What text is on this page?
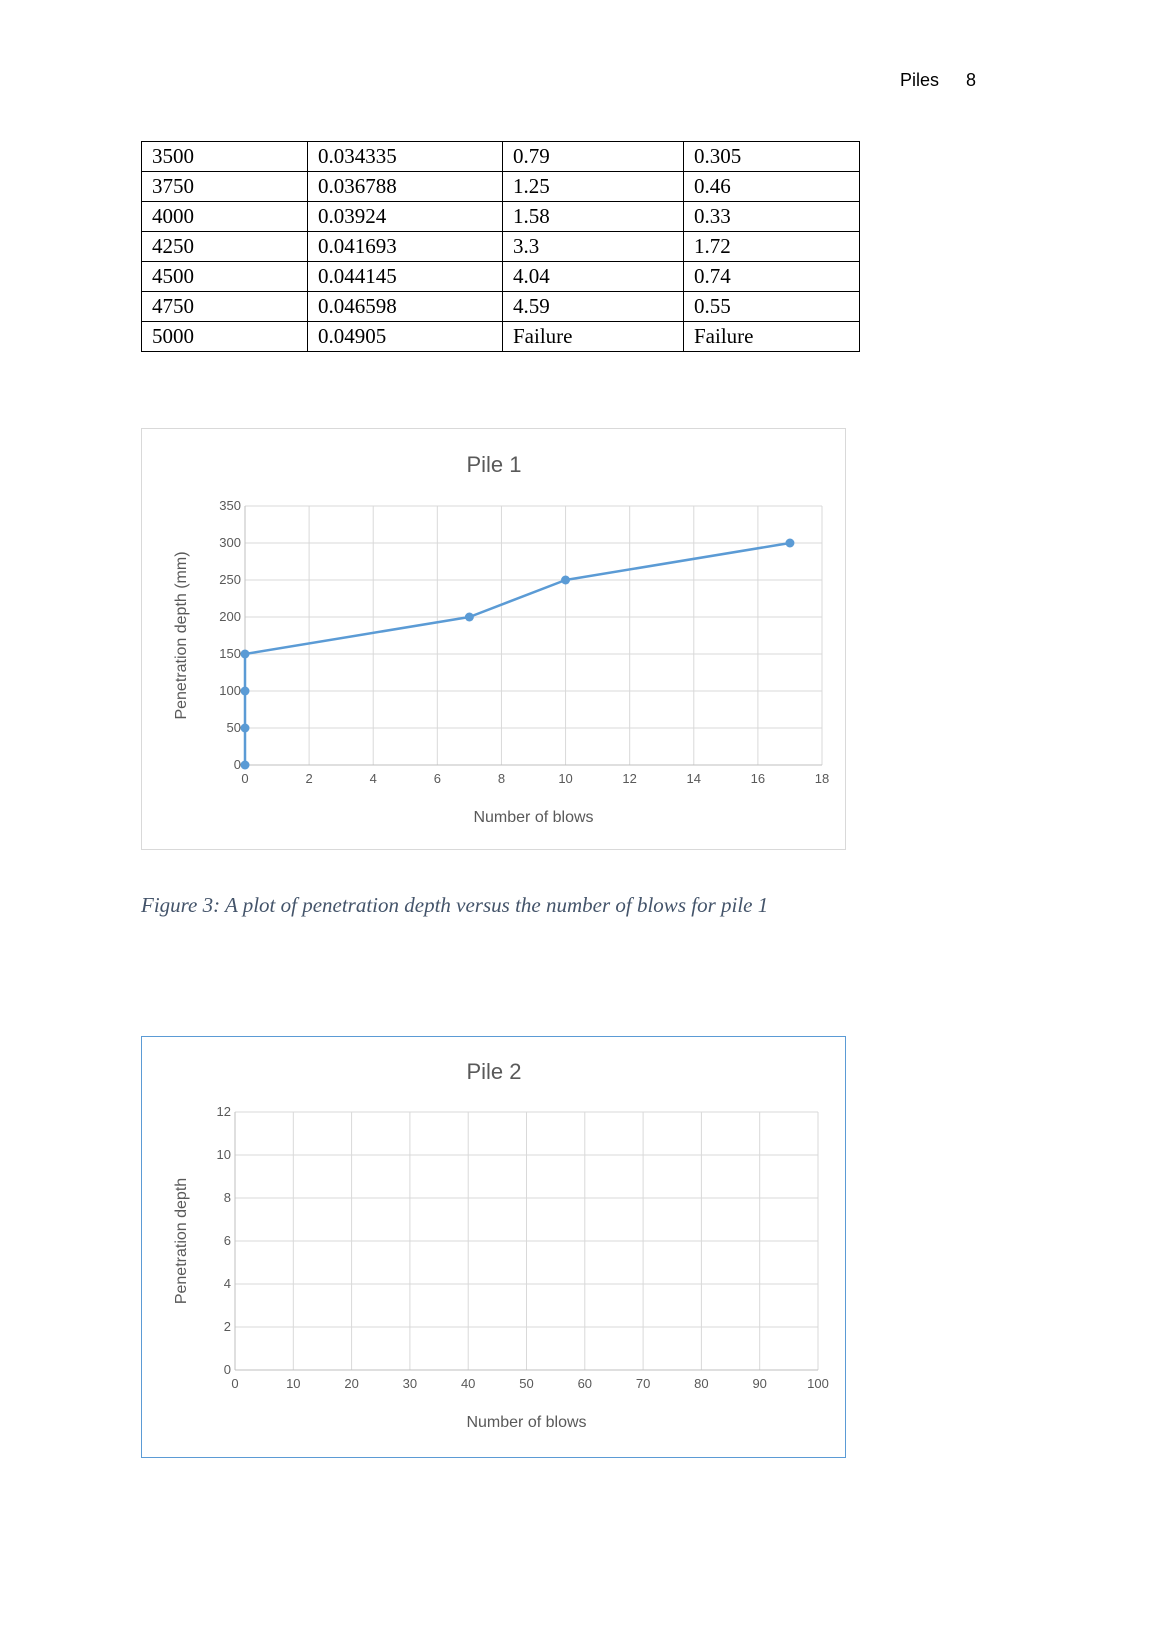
Piles 8
3500	0.034335	0.79	0.305
3750	0.036788	1.25	0.46
4000	0.03924	1.58	0.33
4250	0.041693	3.3	1.72
4500	0.044145	4.04	0.74
4750	0.046598	4.59	0.55
5000	0.04905	Failure	Failure
Pile 1
0	2	4	6	8	10	12	14	16	18
0
50
100
150
200
250
300
350
Number of blows
Penetration depth (mm)
Figure 3: A plot of penetration depth versus the number of blows for pile 1
Pile 2
0	10	20	30	40	50	60	70	80	90	100
0
2
4
6
8
10
12
Number of blows
Penetration depth
